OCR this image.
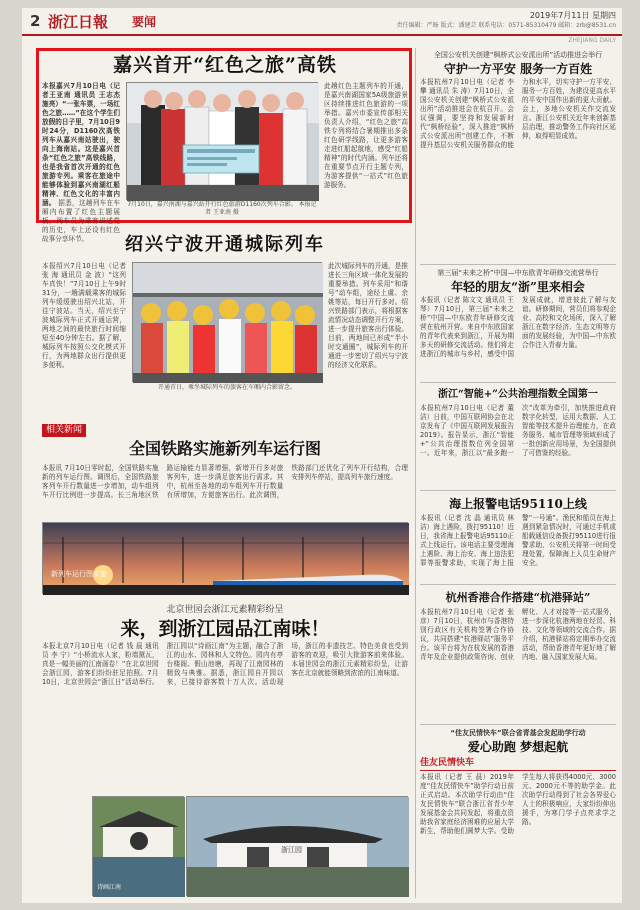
2 浙江日報 要闻	2019年7月11日 星期四
责任编辑：严旸 版式：潘建芸 联系电话：0571-85310479 邮箱：zrb@8531.cn
ZHEJIANG DAILY
嘉兴首开“红色之旅”高铁
本报嘉兴7月10日电（记者王亚南 通讯员 王志杰 施亮）“一张车票，一场红色之旅……”在这个学生们放假的日子里，7月10日9时24分，D1160次高铁列车从嘉兴南站驶出，驶向上海南站。这是嘉兴首条“红色之旅”高铁线路，也是我省首次开通的红色旅游专列。乘客在旅途中能够体验到嘉兴南湖红船精神、红色文化的丰富内涵。 据悉，这趟列车在车厢内布置了红色主题展板，列车员为乘客讲述党的历史，车上还设有红色故事分享环节。
7月10日，嘉兴南湖与嘉兴站开行红色旅游D1160次列车合影。 本报记者 王亚南 摄
此趟红色主题列车的开通，是嘉兴南湖国家5A级旅游景区持续推进红色旅游的一项举措。嘉兴市委宣传部相关负责人介绍，“红色之旅”高铁专列将结合暑期推出多条红色研学线路，让更多游客走进红船起航地，感受“红船精神”的时代内涵。列车还将在重要节点开行主题专列，为游客提供“一站式”红色旅游服务。
绍兴宁波开通城际列车
本报绍兴7月10日电（记者 张 海 通讯员 金 波）“这列车真快！”7月10日上午9时31分，一趟满载乘客的城际列车缓缓驶出绍兴北站，开往宁波站。当天，绍兴至宁波城际列车正式开通运营，两地之间的最快旅行时间缩短至40分钟左右。据了解，城际列车按照公交化模式开行，为两地群众出行提供更多便利。
开通首日，乘坐城际列车的旅客在车厢内合影留念。
此次城际列车的开通，是推进长三角区域一体化发展的重要举措。列车采用“和谐号”动车组，途经上虞、余姚等站，每日开行多对。绍兴铁路部门表示，将根据客流情况动态调整开行方案，进一步提升旅客出行体验。目前，两地间已形成“半小时交通圈”，城际列车的开通进一步密切了绍兴与宁波的经济文化联系。
相关新闻
全国铁路实施新列车运行图
本报讯 7月10日零时起，全国铁路实施新的列车运行图。调图后，全国铁路旅客列车开行数量进一步增加，动车组列车开行比例进一步提高。长三角地区铁路运输能力显著增强，新增开行多对旅客列车，进一步满足旅客出行需求。其中，杭州至各地的动车组列车开行数量有所增加，方便旅客出行。此次调图，铁路部门还优化了列车开行结构，合理安排列车停站，提高列车旅行速度。
新列车运行图实施
北京世园会浙江元素精彩纷呈
来，到浙江园品江南味！
本报北京7月10日电（记者 钱 晨 通讯员 李 宁）“小桥流水人家，粉墙黛瓦，真是一幅美丽的江南画卷！”在北京世园会浙江园，游客们纷纷驻足拍照。7月10日，北京世园会“浙江日”活动举行。浙江园以“诗画江南”为主题，融合了浙江的山水、园林和人文特色。园内有亭台楼阁、假山池塘，再现了江南园林的精致与典雅。据悉，浙江园自开园以来，已接待游客数十万人次。活动现场，浙江的非遗技艺、特色美食也受到游客的欢迎，吸引大批游客前来体验。本届世园会的浙江元素精彩纷呈，让游客在北京就能领略到浓浓的江南味道。
诗画江南
浙江园
全国公安机关创建“枫桥式公安派出所”活动推进会举行
守护一方平安 服务一方百姓
本报杭州7月10日电（记者 李 攀 通讯员 朱 涛）7月10日，全国公安机关创建“枫桥式公安派出所”活动推进会在杭召开。会议强调，要坚持和发展新时代“枫桥经验”，深入推进“枫桥式公安派出所”创建工作，不断提升基层公安机关服务群众的能力和水平，切实守护一方平安、服务一方百姓，为建设更高水平的平安中国作出新的更大贡献。会上，多地公安机关作交流发言。浙江公安机关近年来创新基层治理，推动警务工作向社区延伸，取得明显成效。
第三届“未来之桥”中国—中东欧青年研修交流营举行
年轻的朋友“浙”里来相会
本报讯（记者 陈文文 通讯员 王琴）7月10日，第三届“未来之桥”中国—中东欧青年研修交流营在杭州开营。来自中东欧国家的青年代表来到浙江，开展为期多天的研修交流活动。他们将走进浙江的城市与乡村，感受中国发展成就，增进彼此了解与友谊。研修期间，营员们将参观企业、高校和文化场所，深入了解浙江在数字经济、生态文明等方面的发展经验，为中国—中东欧合作注入青春力量。
浙江“智能+”公共治理指数全国第一
本报杭州7月10日电（记者 董洁）日前，中国互联网协会在北京发布了《中国互联网发展报告2019》。报告显示，浙江“智能+”公共治理指数位列全国第一。近年来，浙江以“最多跑一次”改革为牵引，加快推进政府数字化转型，运用大数据、人工智能等技术提升治理能力，在政务服务、城市管理等领域形成了一批创新应用场景，为全国提供了可借鉴的经验。
海上报警电话95110上线
本报讯（记者 沈 晶 通讯员 林 洁）海上遇险，拨打95110！近日，我省海上报警电话95110正式上线运行。该电话主要受理海上遇险、海上治安、海上违法犯罪等报警求助，实现了海上报警“一号通”。渔民和船员在海上遇到紧急情况时，可通过手机或船载通信设备拨打95110进行报警求助，公安机关将第一时间受理处置，保障海上人员生命财产安全。
杭州香港合作搭建“杭港驿站”
本报杭州7月10日电（记者 张 彦）7月10日，杭州市与香港特别行政区有关机构签署合作协议，共同搭建“杭港驿站”服务平台。该平台将为在杭发展的香港青年及企业提供政策咨询、创业孵化、人才对接等一站式服务，进一步深化杭港两地在经贸、科技、文化等领域的交流合作。据介绍，杭港驿站将定期举办交流活动，帮助香港青年更好地了解内地、融入国家发展大局。
“佳友民情快车”联合省青基会发起助学行动
爱心助跑 梦想起航
佳友民情快车
本报讯（记者 王 晨）2019年度“佳友民情快车”助学行动日前正式启动。本次助学行动由“佳友民情快车”联合浙江省青少年发展基金会共同发起，将重点资助我省家庭经济困难的应届大学新生，帮助他们圆梦大学。受助学生每人将获得4000元、3000元、2000元不等的助学金。此次助学行动得到了社会各界爱心人士的积极响应，大家纷纷伸出援手，为寒门学子点亮求学之路。
